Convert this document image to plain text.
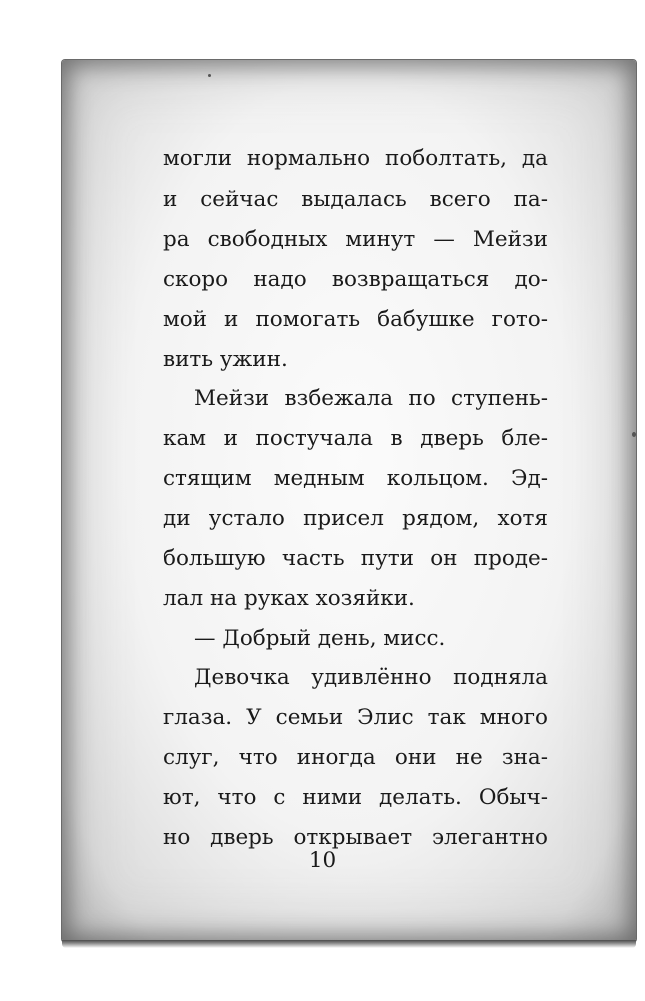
могли нормально поболтать, да
и сейчас выдалась всего па-
ра свободных минут — Мейзи
скоро надо возвращаться до-
мой и помогать бабушке гото-
вить ужин.
Мейзи взбежала по ступень-
кам и постучала в дверь бле-
стящим медным кольцом. Эд-
ди устало присел рядом, хотя
большую часть пути он проде-
лал на руках хозяйки.
— Добрый день, мисс.
Девочка удивлённо подняла
глаза. У семьи Элис так много
слуг, что иногда они не зна-
ют, что с ними делать. Обыч-
но дверь открывает элегантно
10
